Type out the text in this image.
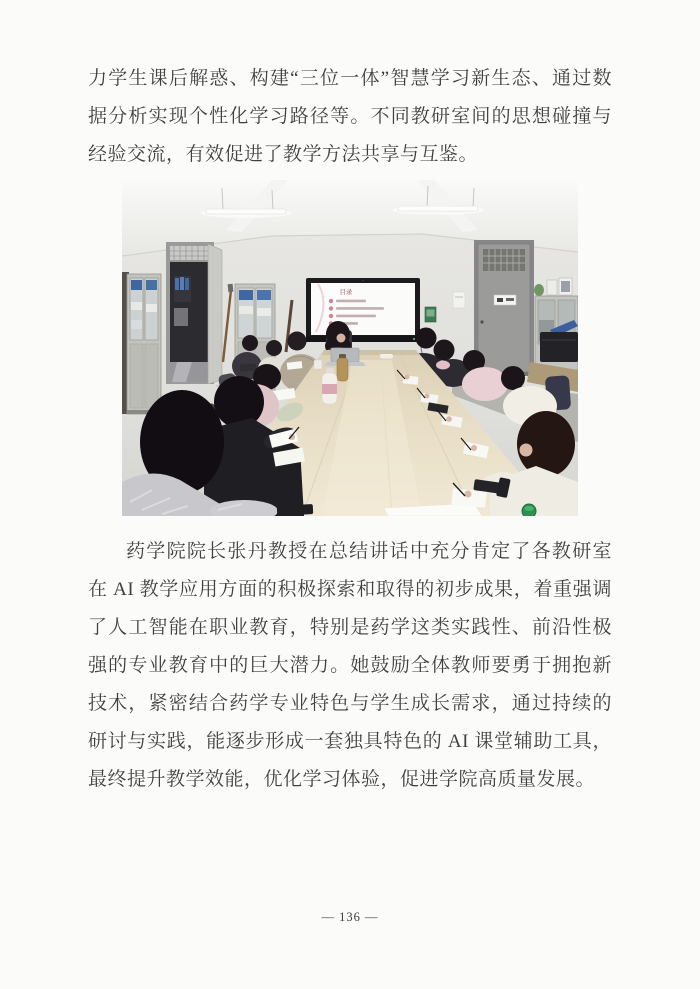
力学生课后解惑、构建“三位一体”智慧学习新生态、通过数据分析实现个性化学习路径等。不同教研室间的思想碰撞与经验交流，有效促进了教学方法共享与互鉴。

目录

药学院院长张丹教授在总结讲话中充分肯定了各教研室在 AI 教学应用方面的积极探索和取得的初步成果，着重强调了人工智能在职业教育，特别是药学这类实践性、前沿性极强的专业教育中的巨大潜力。她鼓励全体教师要勇于拥抱新技术，紧密结合药学专业特色与学生成长需求，通过持续的研讨与实践，能逐步形成一套独具特色的 AI 课堂辅助工具，最终提升教学效能，优化学习体验，促进学院高质量发展。

— 136 —
